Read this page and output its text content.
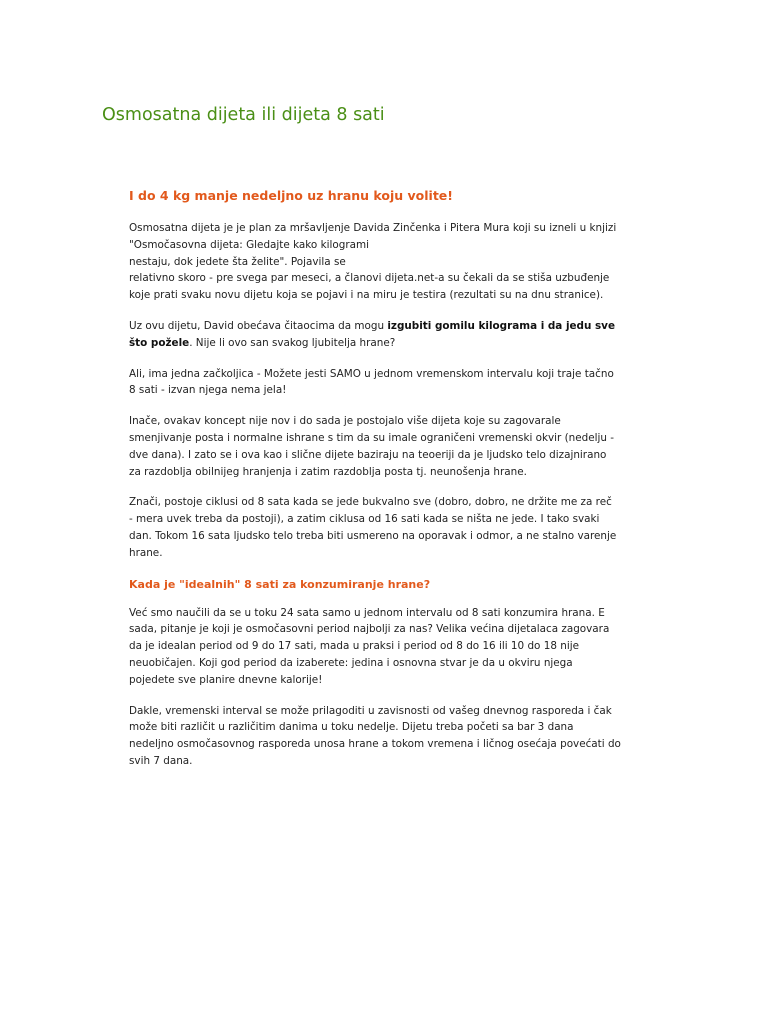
Osmosatna dijeta ili dijeta 8 sati
I do 4 kg manje nedeljno uz hranu koju volite!

Osmosatna dijeta je je plan za mršavljenje Davida Zinčenka i Pitera Mura koji su izneli u knjizi
"Osmočasovna dijeta: Gledajte kako kilogrami
nestaju, dok jedete šta želite". Pojavila se
relativno skoro - pre svega par meseci, a članovi dijeta.net-a su čekali da se stiša uzbuđenje
koje prati svaku novu dijetu koja se pojavi i na miru je testira (rezultati su na dnu stranice).

Uz ovu dijetu, David obećava čitaocima da mogu izgubiti gomilu kilograma i da jedu sve
što požele. Nije li ovo san svakog ljubitelja hrane?

Ali, ima jedna začkoljica - Možete jesti SAMO u jednom vremenskom intervalu koji traje tačno
8 sati - izvan njega nema jela!

Inače, ovakav koncept nije nov i do sada je postojalo više dijeta koje su zagovarale
smenjivanje posta i normalne ishrane s tim da su imale ograničeni vremenski okvir (nedelju -
dve dana). I zato se i ova kao i slične dijete baziraju na teoeriji da je ljudsko telo dizajnirano
za razdoblja obilnijeg hranjenja i zatim razdoblja posta tj. neunošenja hrane.

Znači, postoje ciklusi od 8 sata kada se jede bukvalno sve (dobro, dobro, ne držite me za reč
- mera uvek treba da postoji), a zatim ciklusa od 16 sati kada se ništa ne jede. I tako svaki
dan. Tokom 16 sata ljudsko telo treba biti usmereno na oporavak i odmor, a ne stalno varenje
hrane.

Kada je "idealnih" 8 sati za konzumiranje hrane?

Već smo naučili da se u toku 24 sata samo u jednom intervalu od 8 sati konzumira hrana. E
sada, pitanje je koji je osmočasovni period najbolji za nas? Velika većina dijetalaca zagovara
da je idealan period od 9 do 17 sati, mada u praksi i period od 8 do 16 ili 10 do 18 nije
neuobičajen. Koji god period da izaberete: jedina i osnovna stvar je da u okviru njega
pojedete sve planire dnevne kalorije!

Dakle, vremenski interval se može prilagoditi u zavisnosti od vašeg dnevnog rasporeda i čak
može biti različit u različitim danima u toku nedelje. Dijetu treba početi sa bar 3 dana
nedeljno osmočasovnog rasporeda unosa hrane a tokom vremena i ličnog osećaja povećati do
svih 7 dana.
